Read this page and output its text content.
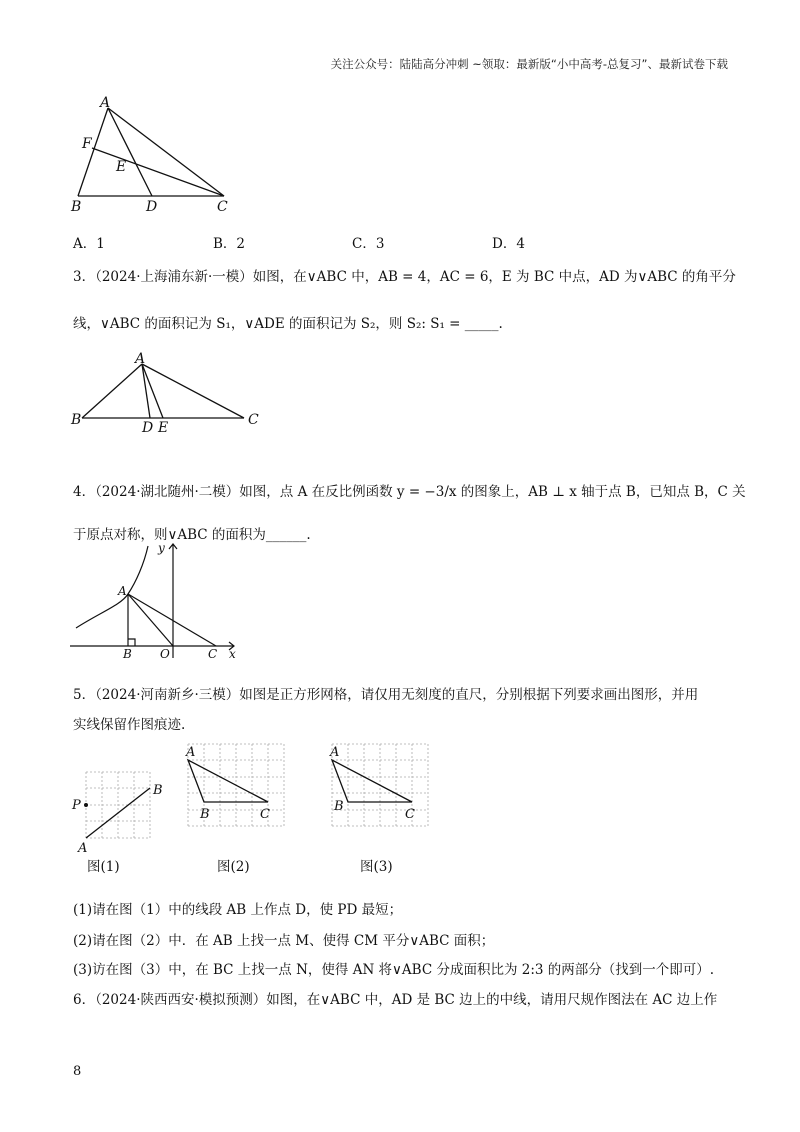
关注公众号：陆陆高分冲刺 ~领取：最新版“小中高考-总复习”、最新试卷下载
A
F
E
B	D	C
A．1	B．2	C．3	D．4
3．（2024·上海浦东新·一模）如图，在∨ABC 中，AB = 4，AC = 6，E 为 BC 中点，AD 为∨ABC 的角平分
线，∨ABC 的面积记为 S₁，∨ADE 的面积记为 S₂，则 S₂: S₁ = _____.
A
B	C
D E
4．（2024·湖北随州·二模）如图，点 A 在反比例函数 y = −3/x 的图象上，AB ⊥ x 轴于点 B，已知点 B，C 关
于原点对称，则∨ABC 的面积为______.
y
A
B O	C x
5．（2024·河南新乡·三模）如图是正方形网格，请仅用无刻度的直尺，分别根据下列要求画出图形，并用
实线保留作图痕迹.
P
B
A
图(1)
A
B	C
图(2)
A
B
C
图(3)
(1)请在图（1）中的线段 AB 上作点 D，使 PD 最短；
(2)请在图（2）中．在 AB 上找一点 M、使得 CM 平分∨ABC 面积；
(3)访在图（3）中，在 BC 上找一点 N，使得 AN 将∨ABC 分成面积比为 2:3 的两部分（找到一个即可）.
6．（2024·陕西西安·模拟预测）如图，在∨ABC 中，AD 是 BC 边上的中线，请用尺规作图法在 AC 边上作
8
